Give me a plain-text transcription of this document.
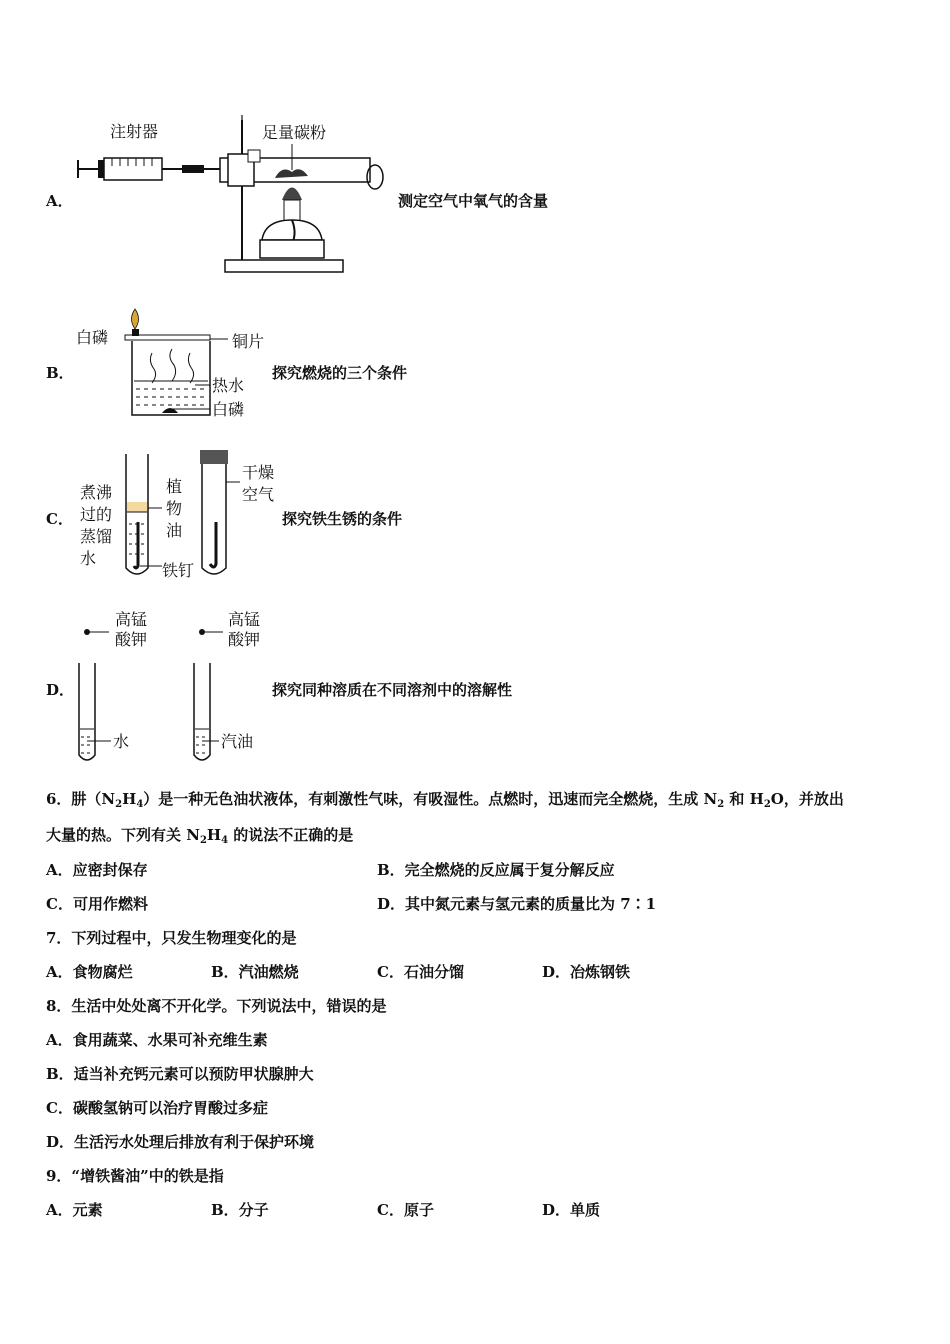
A．
注射器	足量碳粉
测定空气中氧气的含量
B．
白磷	铜片
热水
白磷
探究燃烧的三个条件
C．
煮沸
过的
蒸馏
水
植
物
油
铁钉
干燥
空气
探究铁生锈的条件
D．
高锰
酸钾
高锰
酸钾
水	汽油
探究同种溶质在不同溶剂中的溶解性
6．肼$(N_2H_4)$是一种无色油状液体，有刺激性气味，有吸湿性。点燃时，迅速而完全燃烧，生成 $N_2$ 和 $H_2O$，并放出
大量的热。下列有关 $N_2H_4$ 的说法不正确的是
A．应密封保存	B．完全燃烧的反应属于复分解反应
C．可用作燃料	D．其中氮元素与氢元素的质量比为 7∶1
7．下列过程中，只发生物理变化的是
A．食物腐烂	B．汽油燃烧	C．石油分馏	D．冶炼钢铁
8．生活中处处离不开化学。下列说法中，错误的是
A．食用蔬菜、水果可补充维生素
B．适当补充钙元素可以预防甲状腺肿大
C．碳酸氢钠可以治疗胃酸过多症
D．生活污水处理后排放有利于保护环境
9．“增铁酱油”中的铁是指
A．元素	B．分子	C．原子	D．单质
